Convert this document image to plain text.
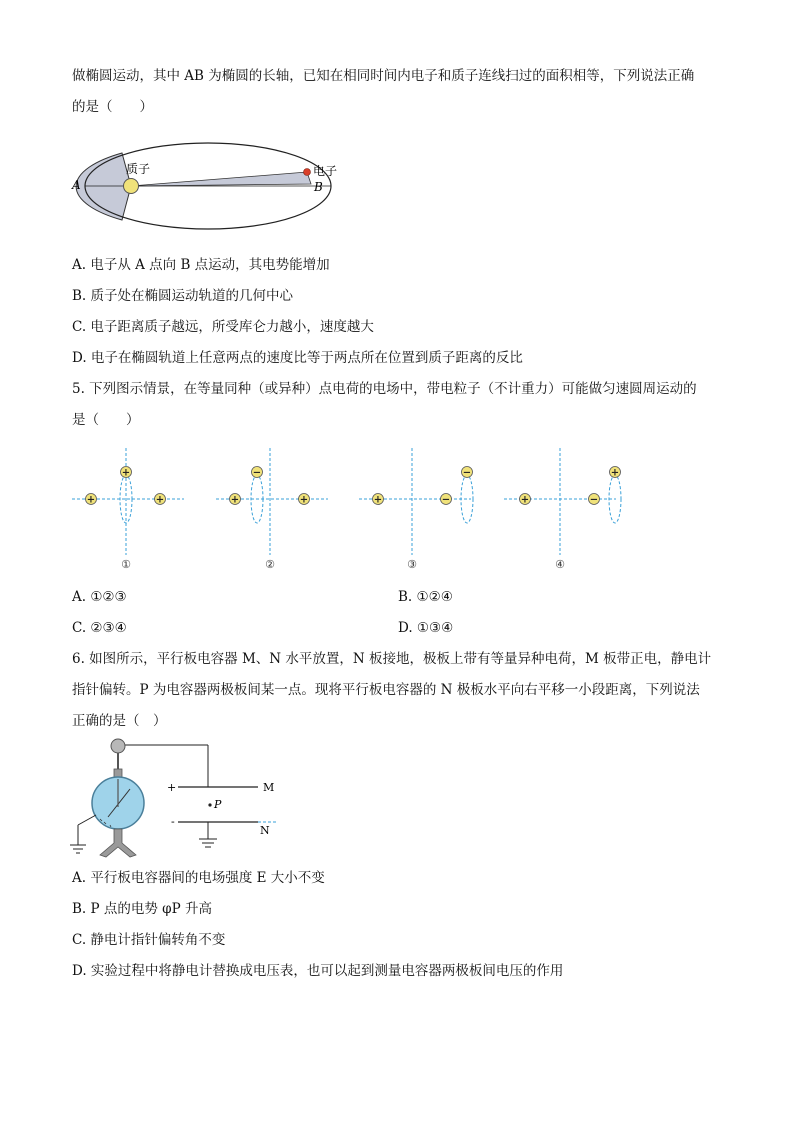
做椭圆运动，其中 AB 为椭圆的长轴，已知在相同时间内电子和质子连线扫过的面积相等，下列说法正确
的是（　　）
质子	电子
A	B
A. 电子从 A 点向 B 点运动，其电势能增加
B. 质子处在椭圆运动轨道的几何中心
C. 电子距离质子越远，所受库仑力越小，速度越大
D. 电子在椭圆轨道上任意两点的速度比等于两点所在位置到质子距离的反比
5. 下列图示情景，在等量同种（或异种）点电荷的电场中，带电粒子（不计重力）可能做匀速圆周运动的
是（　　）
+
+	+
−
+	+
−
+	−
+
+	−
①	②	③	④
A. ①②③	B. ①②④
C. ②③④	D. ①③④
6. 如图所示，平行板电容器 M、N 水平放置，N 板接地，极板上带有等量异种电荷，M 板带正电，静电计
指针偏转。P 为电容器两极板间某一点。现将平行板电容器的 N 极板水平向右平移一小段距离，下列说法
正确的是（　）
+	M
P
-
N
A. 平行板电容器间的电场强度 E 大小不变
B. P 点的电势 φP 升高
C. 静电计指针偏转角不变
D. 实验过程中将静电计替换成电压表，也可以起到测量电容器两极板间电压的作用
